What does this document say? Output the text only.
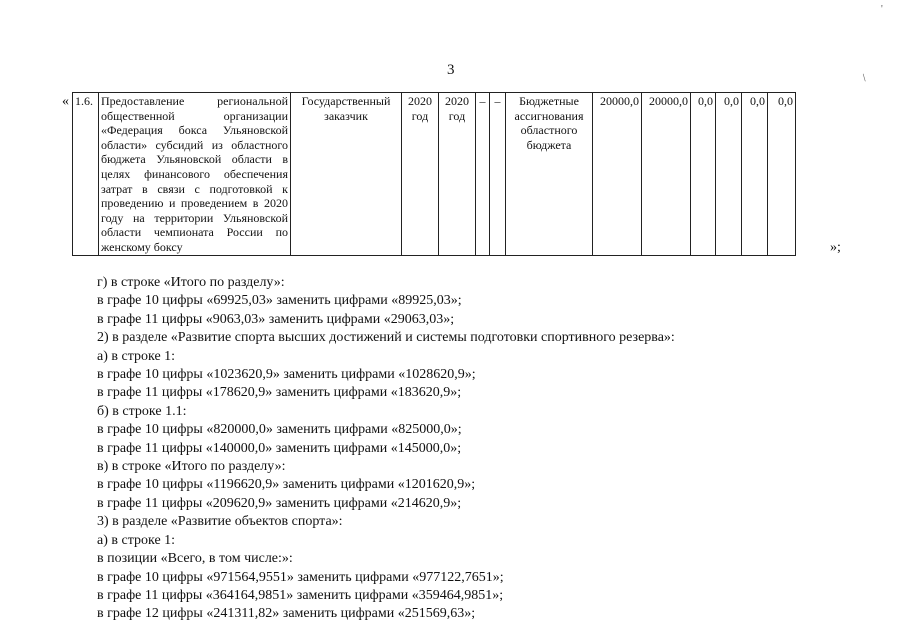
'
/
3
« 1.6.	Предоставление региональной общественной организации «Федерация бокса Ульяновской области» субсидий из областного бюджета Ульяновской области в целях финансового обеспечения затрат в связи с подготовкой к проведению и проведением в 2020 году на территории Ульяновской области чемпионата России по женскому боксу	Государственный заказчик	2020 год	2020 год	–	–	Бюджетные ассигнования областного бюджета	20000,0	20000,0	0,0	0,0	0,0	0,0
»;
г) в строке «Итого по разделу»:
в графе 10 цифры «69925,03» заменить цифрами «89925,03»;
в графе 11 цифры «9063,03» заменить цифрами «29063,03»;
2) в разделе «Развитие спорта высших достижений и системы подготовки спортивного резерва»:
а) в строке 1:
в графе 10 цифры «1023620,9» заменить цифрами «1028620,9»;
в графе 11 цифры «178620,9» заменить цифрами «183620,9»;
б) в строке 1.1:
в графе 10 цифры «820000,0» заменить цифрами «825000,0»;
в графе 11 цифры «140000,0» заменить цифрами «145000,0»;
в) в строке «Итого по разделу»:
в графе 10 цифры «1196620,9» заменить цифрами «1201620,9»;
в графе 11 цифры «209620,9» заменить цифрами «214620,9»;
3) в разделе «Развитие объектов спорта»:
а) в строке 1:
в позиции «Всего, в том числе:»:
в графе 10 цифры «971564,9551» заменить цифрами «977122,7651»;
в графе 11 цифры «364164,9851» заменить цифрами «359464,9851»;
в графе 12 цифры «241311,82» заменить цифрами «251569,63»;
